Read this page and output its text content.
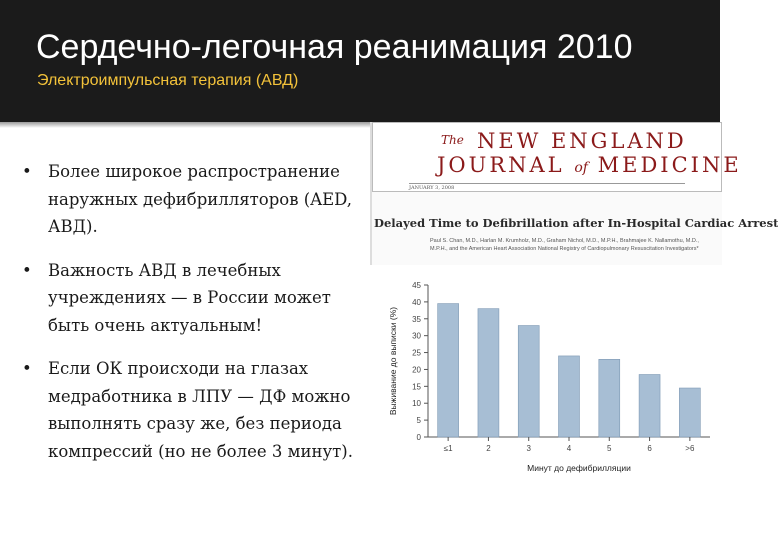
Сердечно-легочная реанимация 2010
Электроимпульсная терапия (АВД)
• Более широкое распространение наружных дефибрилляторов (AED, АВД).
• Важность АВД в лечебных учреждениях — в России может быть очень актуальным!
• Если ОК происходи на глазах медработника в ЛПУ — ДФ можно выполнять сразу же, без периода компрессий (но не более 3 минут).
The NEW ENGLAND
JOURNAL of MEDICINE
JANUARY 3, 2008
Delayed Time to Defibrillation after In-Hospital Cardiac Arrest
Paul S. Chan, M.D., Harlan M. Krumholz, M.D., Graham Nichol, M.D., M.P.H., Brahmajee K. Nallamothu, M.D., M.P.H., and the American Heart Association National Registry of Cardiopulmonary Resuscitation Investigators*
0
5
10
15
20
25
30
35
40
45
≤1	2	3	4	5	6	>6
Выживание до выписки (%)
Минут до дефибрилляции
